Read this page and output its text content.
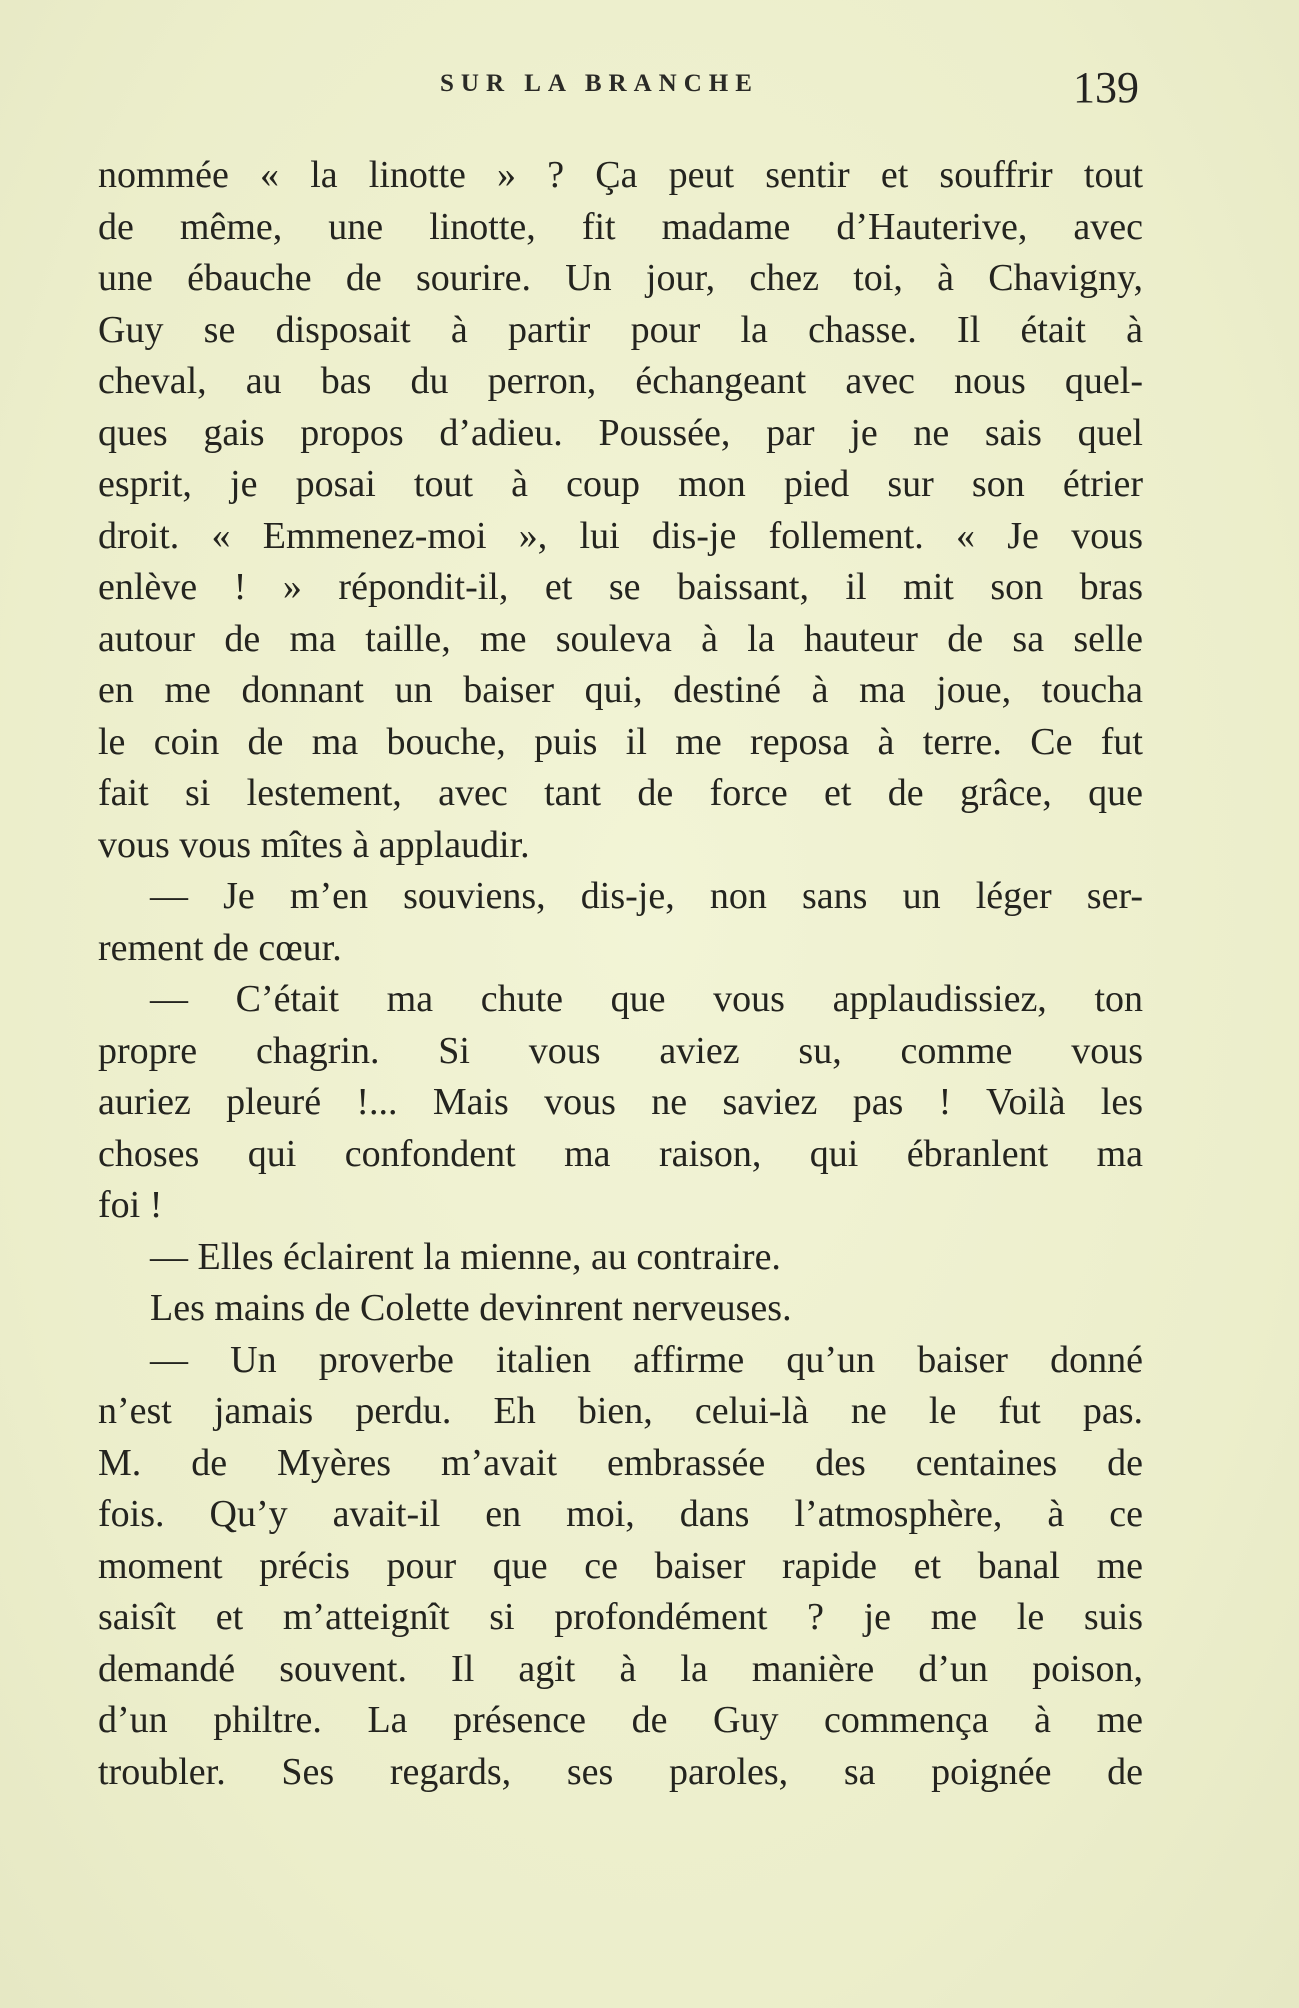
SUR LA BRANCHE	139
nommée « la linotte » ? Ça peut sentir et souffrir tout
de même, une linotte, fit madame d’Hauterive, avec
une ébauche de sourire. Un jour, chez toi, à Chavigny,
Guy se disposait à partir pour la chasse. Il était à
cheval, au bas du perron, échangeant avec nous quel-
ques gais propos d’adieu. Poussée, par je ne sais quel
esprit, je posai tout à coup mon pied sur son étrier
droit. « Emmenez-moi », lui dis-je follement. « Je vous
enlève ! » répondit-il, et se baissant, il mit son bras
autour de ma taille, me souleva à la hauteur de sa selle
en me donnant un baiser qui, destiné à ma joue, toucha
le coin de ma bouche, puis il me reposa à terre. Ce fut
fait si lestement, avec tant de force et de grâce, que
vous vous mîtes à applaudir.
— Je m’en souviens, dis-je, non sans un léger ser-
rement de cœur.
— C’était ma chute que vous applaudissiez, ton
propre chagrin. Si vous aviez su, comme vous
auriez pleuré !... Mais vous ne saviez pas ! Voilà les
choses qui confondent ma raison, qui ébranlent ma
foi !
— Elles éclairent la mienne, au contraire.
Les mains de Colette devinrent nerveuses.
— Un proverbe italien affirme qu’un baiser donné
n’est jamais perdu. Eh bien, celui-là ne le fut pas.
M. de Myères m’avait embrassée des centaines de
fois. Qu’y avait-il en moi, dans l’atmosphère, à ce
moment précis pour que ce baiser rapide et banal me
saisît et m’atteignît si profondément ? je me le suis
demandé souvent. Il agit à la manière d’un poison,
d’un philtre. La présence de Guy commença à me
troubler. Ses regards, ses paroles, sa poignée de
